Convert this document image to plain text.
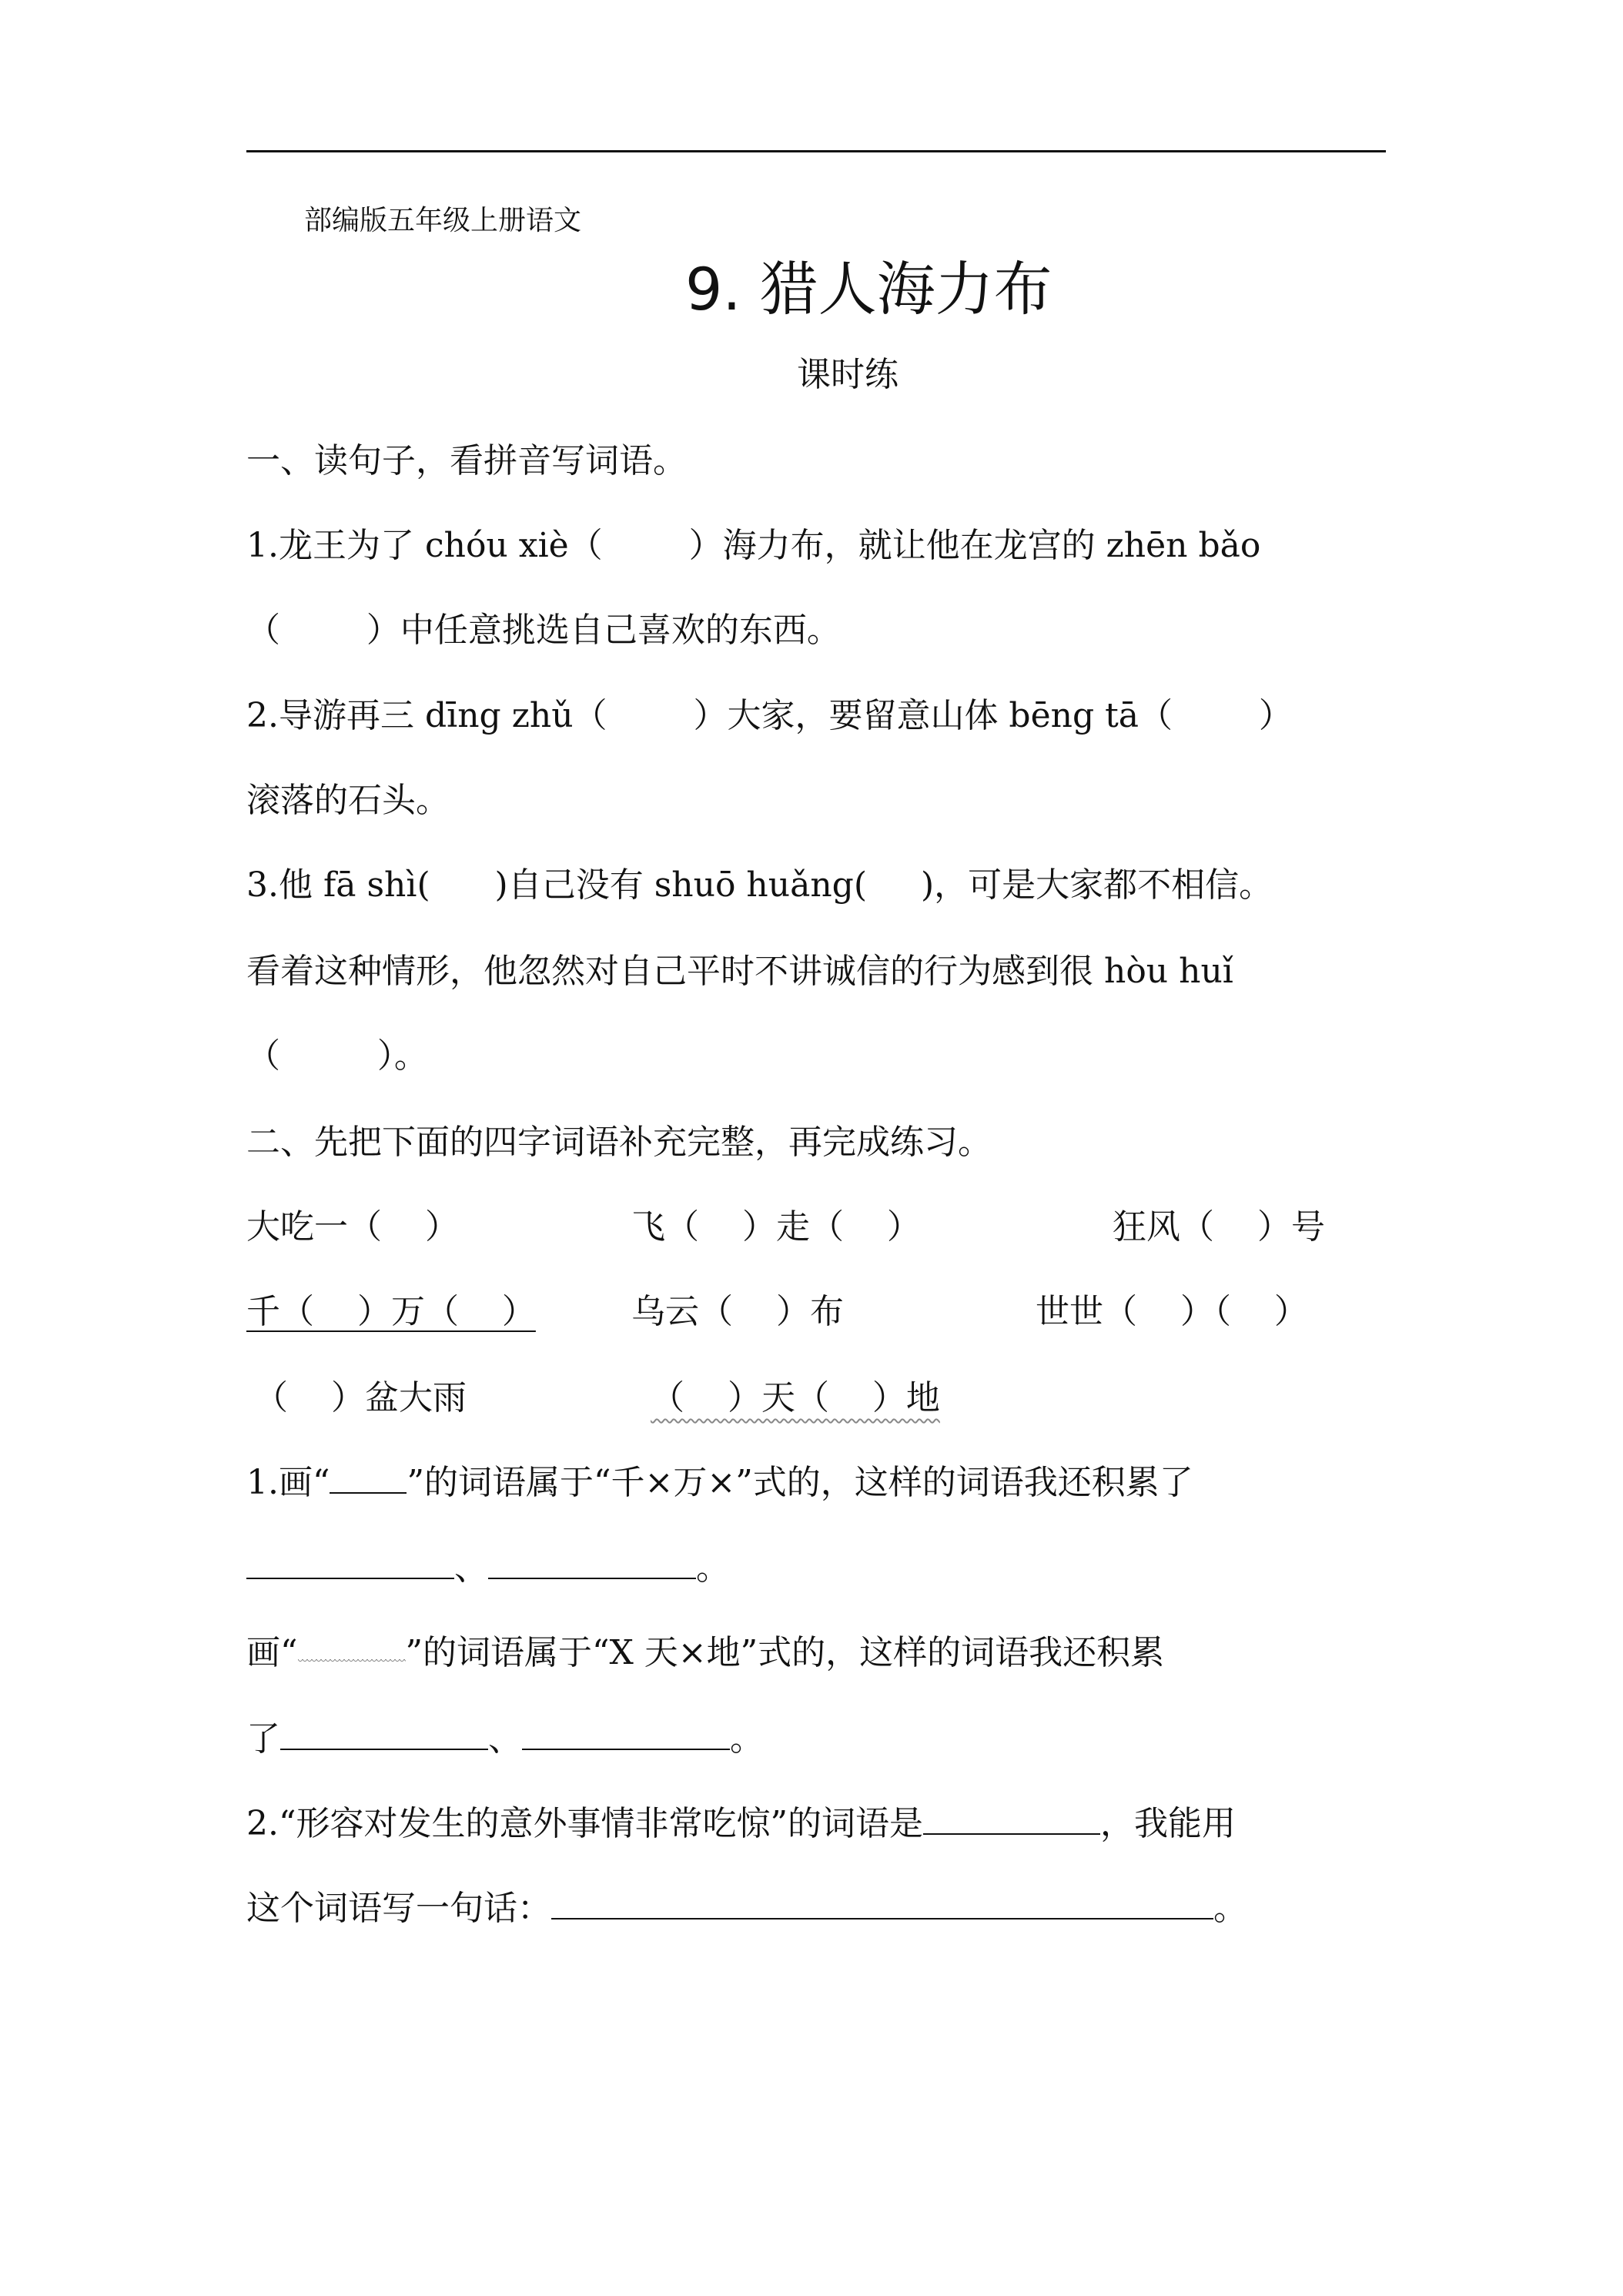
部编版五年级上册语文
9. 猎人海力布
课时练
一、读句子，看拼音写词语。
1.龙王为了 chóu xiè（        ）海力布，就让他在龙宫的 zhēn bǎo
（        ）中任意挑选自己喜欢的东西。
2.导游再三 dīng zhǔ（        ）大家，要留意山体 bēng tā（        ）
滚落的石头。
3.他 fā shì(      )自己没有 shuō huǎng(     )，可是大家都不相信。
看着这种情形，他忽然对自己平时不讲诚信的行为感到很 hòu huǐ
（         ）。
二、先把下面的四字词语补充完整，再完成练习。
大吃一（    ）	飞（    ）走（    ）	狂风（    ）号
千（    ）万（    ）	乌云（    ）布	世世（    ）（    ）
（    ）盆大雨	（    ）天（    ）地
1.画“ ”的词语属于“千×万×”式的，这样的词语我还积累了
、	。
画“	”的词语属于“X 天×地”式的，这样的词语我还积累
了	、	。
2.“形容对发生的意外事情非常吃惊”的词语是	，我能用
这个词语写一句话：	。
